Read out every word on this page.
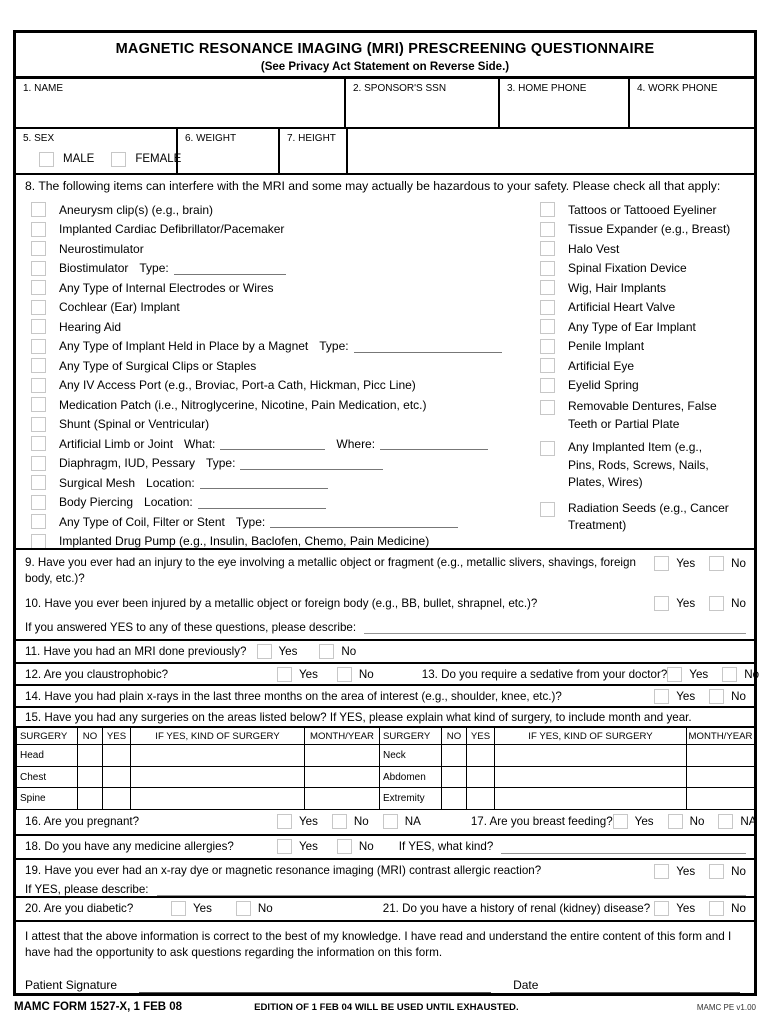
MAGNETIC RESONANCE IMAGING (MRI) PRESCREENING QUESTIONNAIRE
(See Privacy Act Statement on Reverse Side.)
1. NAME	2. SPONSOR'S SSN	3. HOME PHONE	4. WORK PHONE
5. SEX
MALE	FEMALE
6. WEIGHT	7. HEIGHT
8. The following items can interfere with the MRI and some may actually be hazardous to your safety. Please check all that apply:
Aneurysm clip(s) (e.g., brain)
Implanted Cardiac Defibrillator/Pacemaker
Neurostimulator
Biostimulator Type:
Any Type of Internal Electrodes or Wires
Cochlear (Ear) Implant
Hearing Aid
Any Type of Implant Held in Place by a Magnet Type:
Any Type of Surgical Clips or Staples
Any IV Access Port (e.g., Broviac, Port-a Cath, Hickman, Picc Line)
Medication Patch (i.e., Nitroglycerine, Nicotine, Pain Medication, etc.)
Shunt (Spinal or Ventricular)
Artificial Limb or Joint What:	Where:
Diaphragm, IUD, Pessary Type:
Surgical Mesh Location:
Body Piercing Location:
Any Type of Coil, Filter or Stent Type:
Implanted Drug Pump (e.g., Insulin, Baclofen, Chemo, Pain Medicine)
Tattoos or Tattooed Eyeliner
Tissue Expander (e.g., Breast)
Halo Vest
Spinal Fixation Device
Wig, Hair Implants
Artificial Heart Valve
Any Type of Ear Implant
Penile Implant
Artificial Eye
Eyelid Spring
Removable Dentures, False Teeth or Partial Plate
Any Implanted Item (e.g., Pins, Rods, Screws, Nails, Plates, Wires)
Radiation Seeds (e.g., Cancer Treatment)
9. Have you ever had an injury to the eye involving a metallic object or fragment (e.g., metallic slivers, shavings, foreign body, etc.)?
Yes	No
10. Have you ever been injured by a metallic object or foreign body (e.g., BB, bullet, shrapnel, etc.)?	Yes	No
If you answered YES to any of these questions, please describe:
11. Have you had an MRI done previously?	Yes	No
12. Are you claustrophobic?	Yes	No	13. Do you require a sedative from your doctor? Yes	No
14. Have you had plain x-rays in the last three months on the area of interest (e.g., shoulder, knee, etc.)?	Yes	No
15. Have you had any surgeries on the areas listed below? If YES, please explain what kind of surgery, to include month and year.
SURGERY	NO	YES	IF YES, KIND OF SURGERY	MONTH/YEAR	SURGERY	NO	YES	IF YES, KIND OF SURGERY	MONTH/YEAR
Head					Neck				
Chest					Abdomen				
Spine					Extremity				
16. Are you pregnant?	Yes	No	NA	17. Are you breast feeding? Yes	No	NA
18. Do you have any medicine allergies?	Yes	No If YES, what kind?
19. Have you ever had an x-ray dye or magnetic resonance imaging (MRI) contrast allergic reaction?	Yes	No
If YES, please describe:
20. Are you diabetic?	Yes	No	21. Do you have a history of renal (kidney) disease? Yes	No
I attest that the above information is correct to the best of my knowledge. I have read and understand the entire content of this form and I have had the opportunity to ask questions regarding the information on this form.
Patient Signature	Date
MAMC FORM 1527-X, 1 FEB 08	EDITION OF 1 FEB 04 WILL BE USED UNTIL EXHAUSTED.	MAMC PE v1.00
